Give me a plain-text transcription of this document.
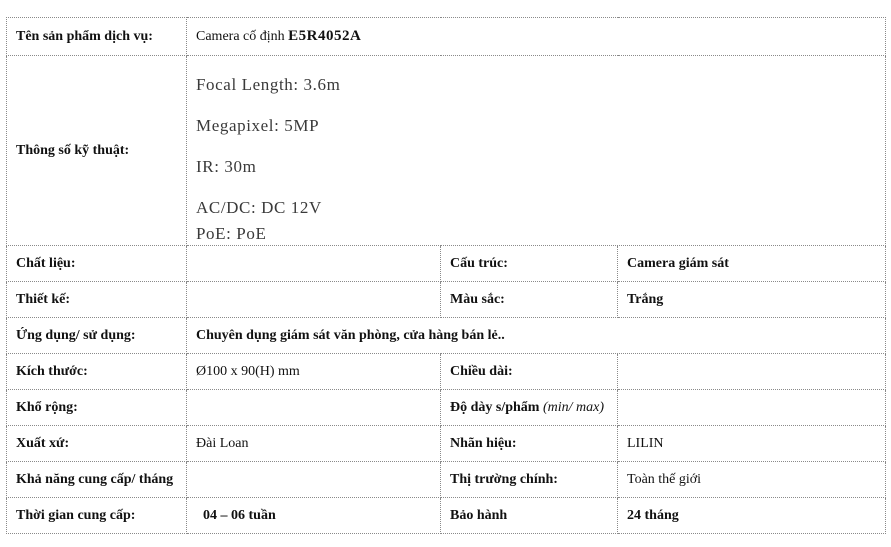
Tên sản phẩm dịch vụ:	Camera cố định E5R4052A		
Thông số kỹ thuật:	Focal Length: 3.6m
Megapixel: 5MP
IR: 30m
AC/DC: DC 12V
PoE: PoE		

Chất liệu:		Cấu trúc:	Camera giám sát
Thiết kế:		Màu sắc:	Trắng
Ứng dụng/ sử dụng:	Chuyên dụng giám sát văn phòng, cửa hàng bán lẻ..		
Kích thước:	Ø100 x 90(H) mm	Chiều dài:	
Khổ rộng:		Độ dày s/phẩm (min/ max)	
Xuất xứ:	Đài Loan	Nhãn hiệu:	LILIN
Khả năng cung cấp/ tháng		Thị trường chính:	Toàn thế giới
Thời gian cung cấp:	04 – 06 tuần	Bảo hành	24 tháng
